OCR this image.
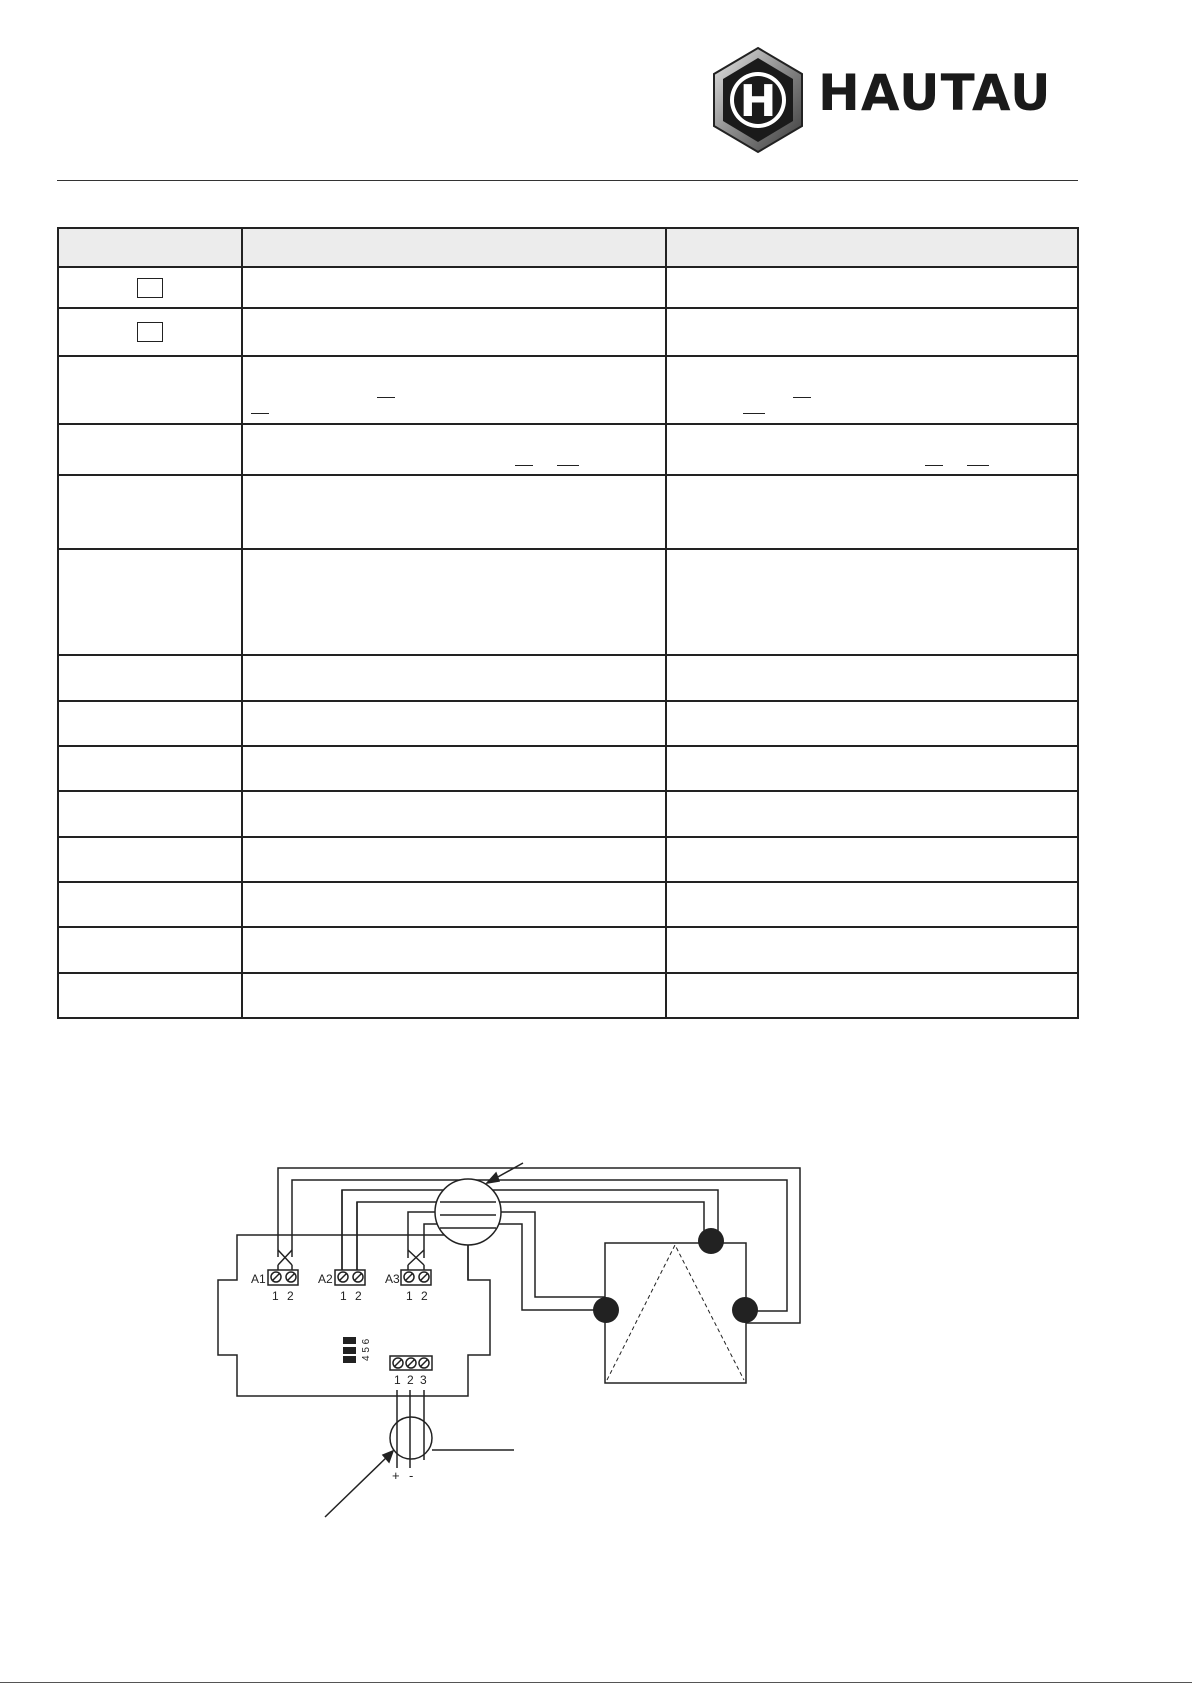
H HAUTAU

A1	A2	A3
1 2	1 2	1 2
4 5 6
1 2 3
+ -
